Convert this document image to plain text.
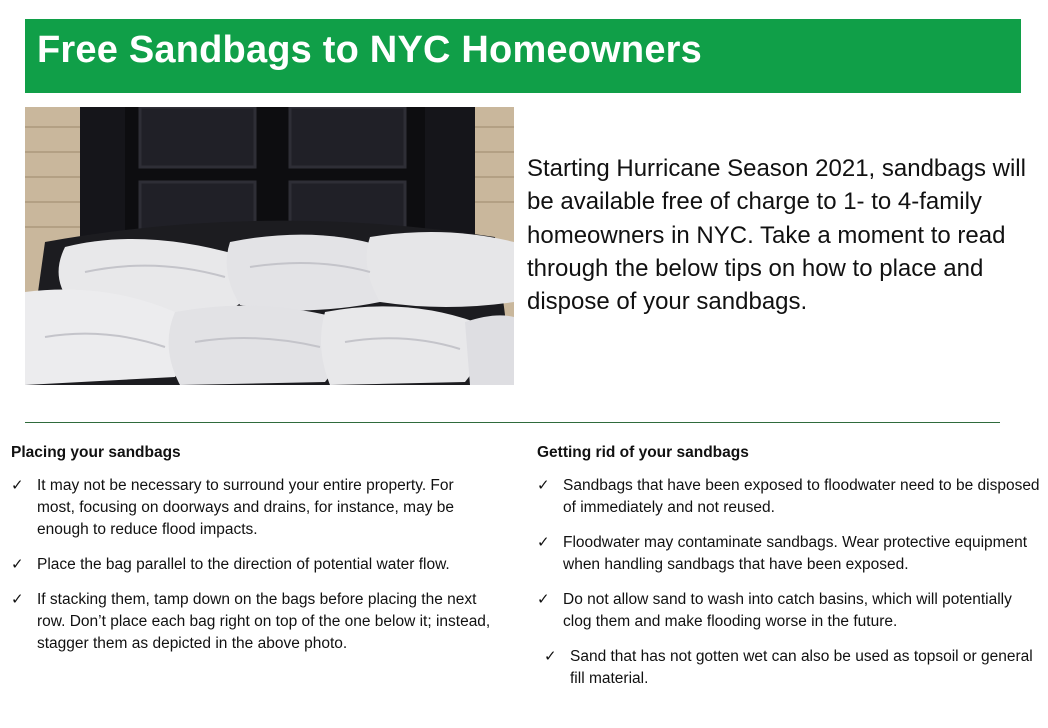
Free Sandbags to NYC Homeowners
Starting Hurricane Season 2021, sandbags will be available free of charge to 1- to 4-family homeowners in NYC. Take a moment to read through the below tips on how to place and dispose of your sandbags.
Placing your sandbags
✓ It may not be necessary to surround your entire property. For most, focusing on doorways and drains, for instance, may be enough to reduce flood impacts.
✓ Place the bag parallel to the direction of potential water flow.
✓ If stacking them, tamp down on the bags before placing the next row. Don’t place each bag right on top of the one below it; instead, stagger them as depicted in the above photo.
Getting rid of your sandbags
✓ Sandbags that have been exposed to floodwater need to be disposed of immediately and not reused.
✓ Floodwater may contaminate sandbags. Wear protective equipment when handling sandbags that have been exposed.
✓ Do not allow sand to wash into catch basins, which will potentially clog them and make flooding worse in the future.
✓ Sand that has not gotten wet can also be used as topsoil or general fill material.
